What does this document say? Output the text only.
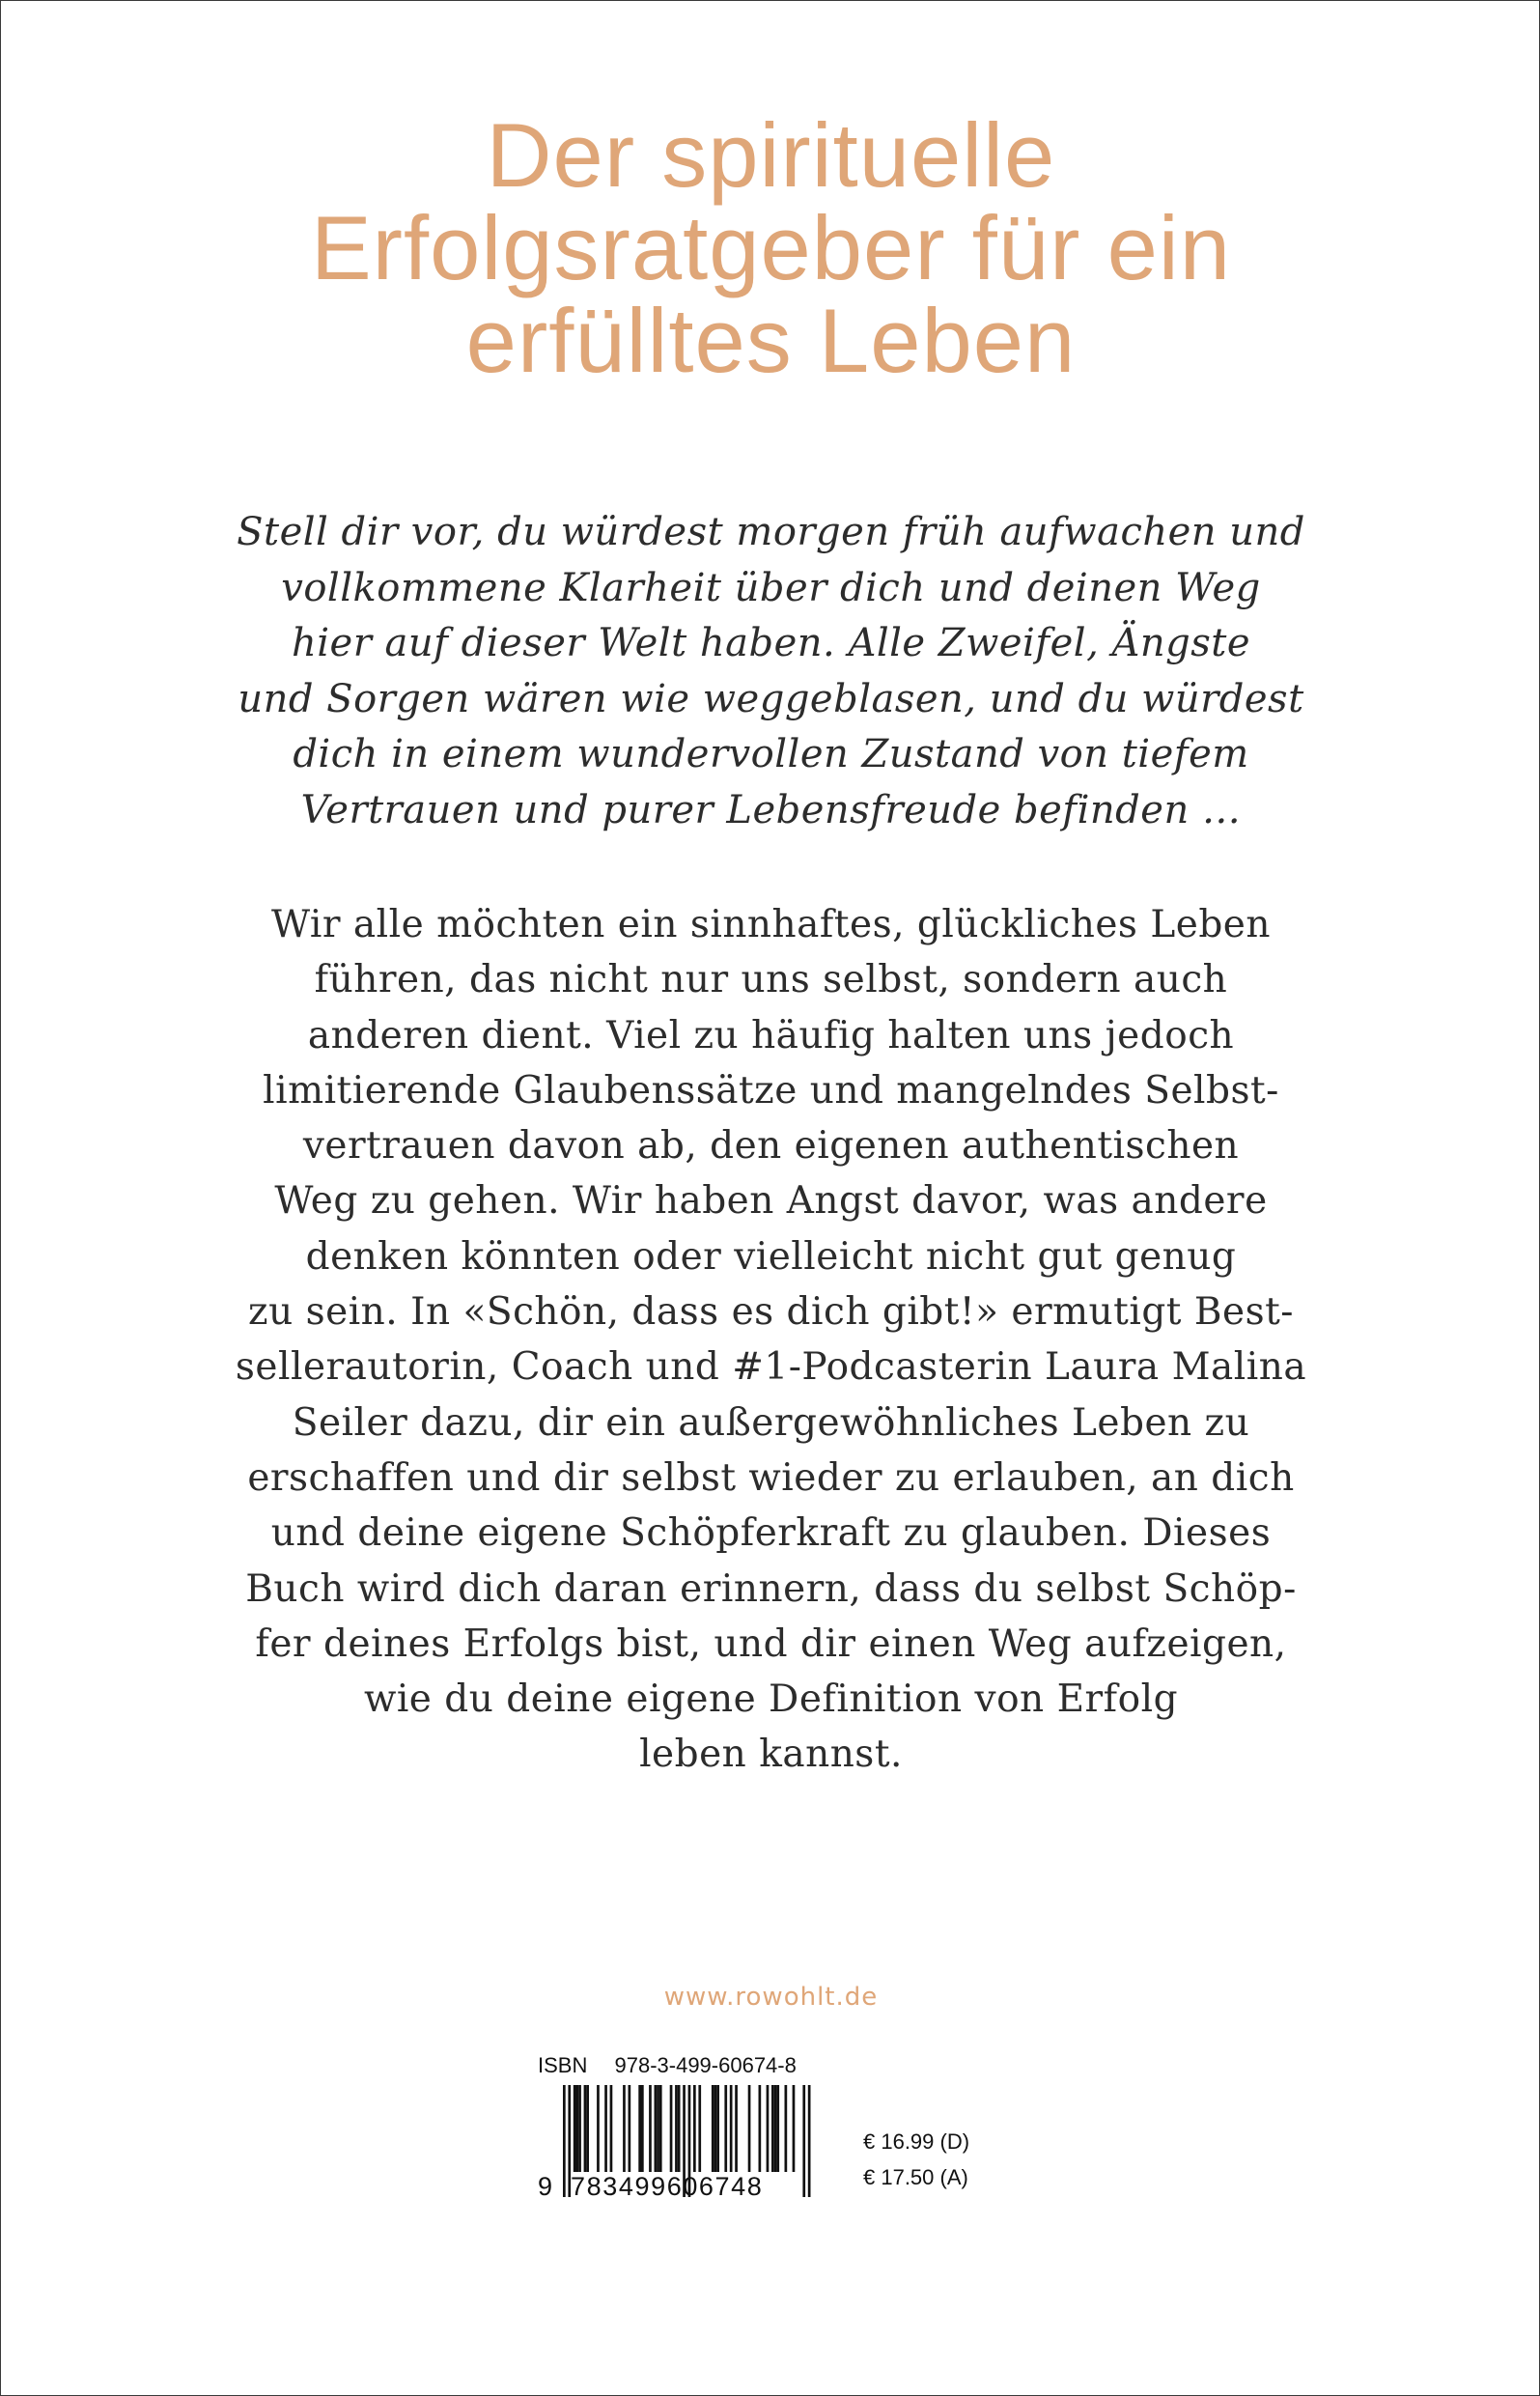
Der spirituelle
Erfolgsratgeber für ein
erfülltes Leben
Stell dir vor, du würdest morgen früh aufwachen und
vollkommene Klarheit über dich und deinen Weg
hier auf dieser Welt haben. Alle Zweifel, Ängste
und Sorgen wären wie weggeblasen, und du würdest
dich in einem wundervollen Zustand von tiefem
Vertrauen und purer Lebensfreude befinden …
Wir alle möchten ein sinnhaftes, glückliches Leben
führen, das nicht nur uns selbst, sondern auch
anderen dient. Viel zu häufig halten uns jedoch
limitierende Glaubenssätze und mangelndes Selbst-
vertrauen davon ab, den eigenen authentischen
Weg zu gehen. Wir haben Angst davor, was andere
denken könnten oder vielleicht nicht gut genug
zu sein. In «Schön, dass es dich gibt!» ermutigt Best-
sellerautorin, Coach und #1-Podcasterin Laura Malina
Seiler dazu, dir ein außergewöhnliches Leben zu
erschaffen und dir selbst wieder zu erlauben, an dich
und deine eigene Schöpferkraft zu glauben. Dieses
Buch wird dich daran erinnern, dass du selbst Schöp-
fer deines Erfolgs bist, und dir einen Weg aufzeigen,
wie du deine eigene Definition von Erfolg
leben kannst.
www.rowohlt.de
ISBN 978-3-499-60674-8
9 783499606748
€ 16.99 (D)
€ 17.50 (A)
